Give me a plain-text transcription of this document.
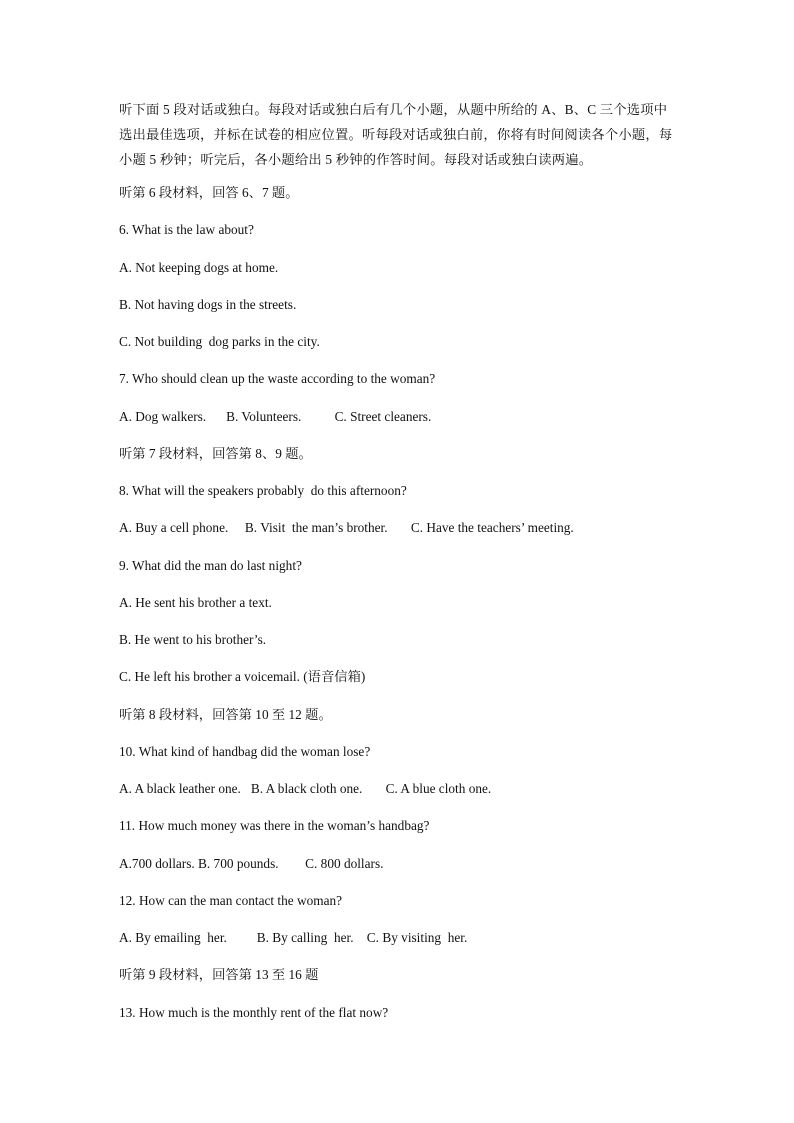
听下面 5 段对话或独白。每段对话或独白后有几个小题，从题中所给的 A、B、C 三个选项中选出最佳选项，并标在试卷的相应位置。听每段对话或独白前，你将有时间阅读各个小题，每小题 5 秒钟；听完后，各小题给出 5 秒钟的作答时间。每段对话或独白读两遍。
听第 6 段材料，回答 6、7 题。
6. What is the law about?
A. Not keeping dogs at home.
B. Not having dogs in the streets.
C. Not building  dog parks in the city.
7. Who should clean up the waste according to the woman?
A. Dog walkers.      B. Volunteers.          C. Street cleaners.
听第 7 段材料，回答第 8、9 题。
8. What will the speakers probably  do this afternoon?
A. Buy a cell phone.     B. Visit  the man’s brother.       C. Have the teachers’ meeting.
9. What did the man do last night?
A. He sent his brother a text.
B. He went to his brother’s.
C. He left his brother a voicemail. (语音信箱)
听第 8 段材料，回答第 10 至 12 题。
10. What kind of handbag did the woman lose?
A. A black leather one.   B. A black cloth one.       C. A blue cloth one.
11. How much money was there in the woman’s handbag?
A.700 dollars. B. 700 pounds.        C. 800 dollars.
12. How can the man contact the woman?
A. By emailing  her.         B. By calling  her.    C. By visiting  her.
听第 9 段材料，回答第 13 至 16 题
13. How much is the monthly rent of the flat now?
